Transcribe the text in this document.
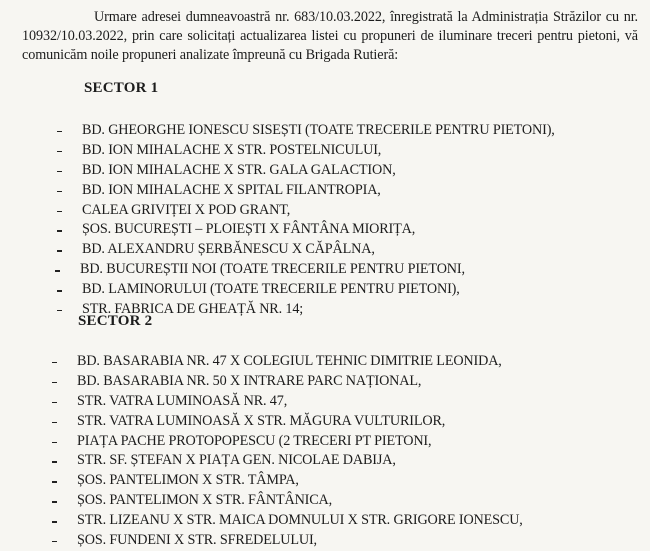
Urmare adresei dumneavoastră nr. 683/10.03.2022, înregistrată la Administrația Străzilor cu nr. 10932/10.03.2022, prin care solicitați actualizarea listei cu propuneri de iluminare treceri pentru pietoni, vă comunicăm noile propuneri analizate împreună cu Brigada Rutieră:

SECTOR 1
BD. GHEORGHE IONESCU SISEȘTI (TOATE TRECERILE PENTRU PIETONI),
BD. ION MIHALACHE X STR. POSTELNICULUI,
BD. ION MIHALACHE X STR. GALA GALACTION,
BD. ION MIHALACHE X SPITAL FILANTROPIA,
CALEA GRIVIȚEI X POD GRANT,
ȘOS. BUCUREȘTI – PLOIEȘTI X FÂNTÂNA MIORIȚA,
BD. ALEXANDRU ȘERBĂNESCU X CĂPÂLNA,
BD. BUCUREȘTII NOI (TOATE TRECERILE PENTRU PIETONI,
BD. LAMINORULUI (TOATE TRECERILE PENTRU PIETONI),
STR. FABRICA DE GHEAȚĂ NR. 14;
SECTOR 2
BD. BASARABIA NR. 47 X COLEGIUL TEHNIC DIMITRIE LEONIDA,
BD. BASARABIA NR. 50 X INTRARE PARC NAȚIONAL,
STR. VATRA LUMINOASĂ NR. 47,
STR. VATRA LUMINOASĂ X STR. MĂGURA VULTURILOR,
PIAȚA PACHE PROTOPOPESCU (2 TRECERI PT PIETONI,
STR. SF. ȘTEFAN X PIAȚA GEN. NICOLAE DABIJA,
ȘOS. PANTELIMON X STR. TÂMPA,
ȘOS. PANTELIMON X STR. FÂNTÂNICA,
STR. LIZEANU X STR. MAICA DOMNULUI X STR. GRIGORE IONESCU,
ȘOS. FUNDENI X STR. SFREDELULUI,
